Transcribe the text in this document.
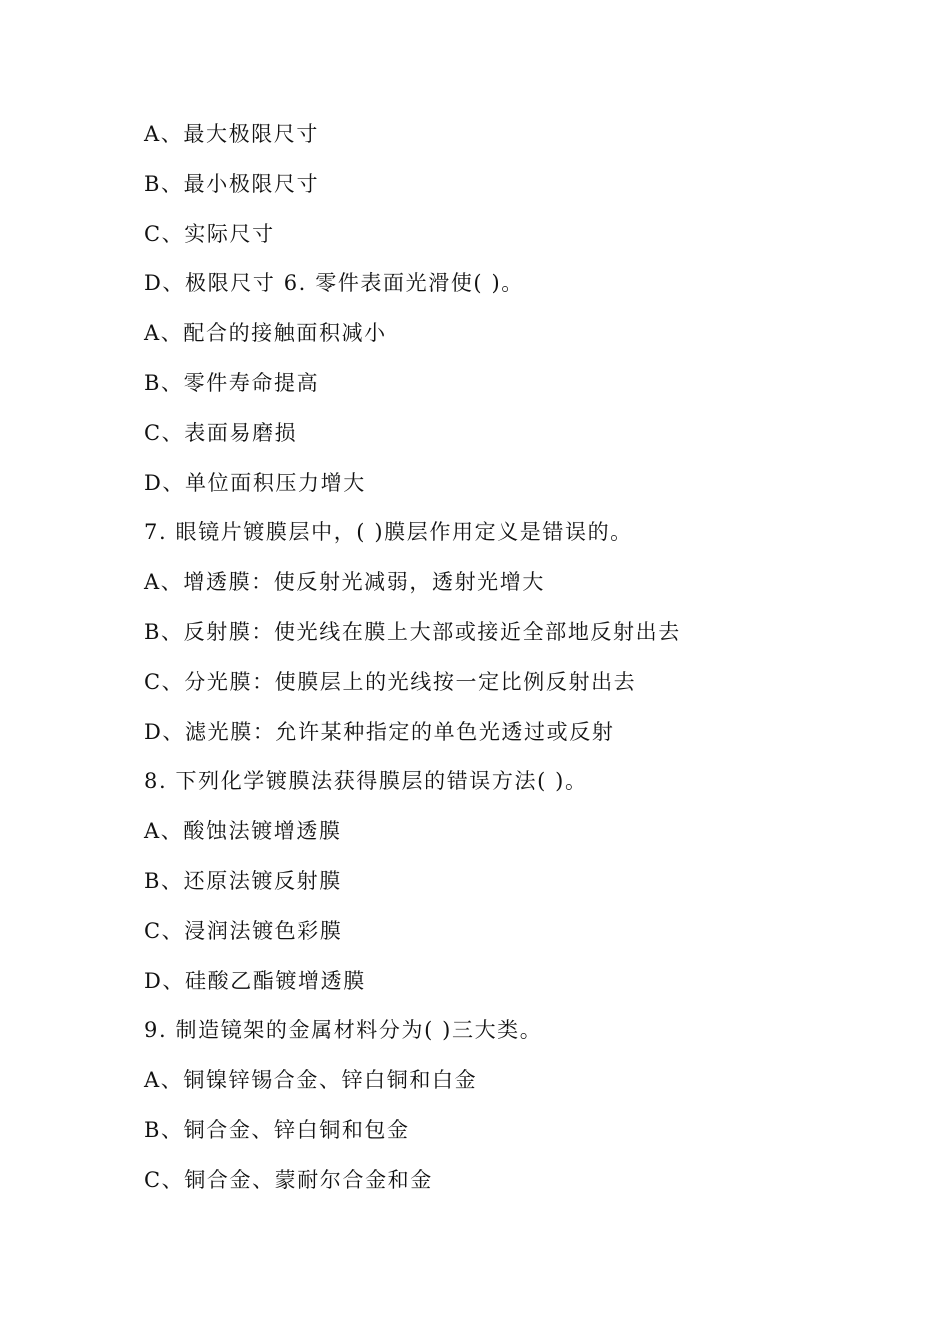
A、最大极限尺寸
B、最小极限尺寸
C、实际尺寸
D、极限尺寸 6. 零件表面光滑使( )。
A、配合的接触面积减小
B、零件寿命提高
C、表面易磨损
D、单位面积压力增大
7. 眼镜片镀膜层中，( )膜层作用定义是错误的。
A、增透膜：使反射光减弱，透射光增大
B、反射膜：使光线在膜上大部或接近全部地反射出去
C、分光膜：使膜层上的光线按一定比例反射出去
D、滤光膜：允许某种指定的单色光透过或反射
8. 下列化学镀膜法获得膜层的错误方法( )。
A、酸蚀法镀增透膜
B、还原法镀反射膜
C、浸润法镀色彩膜
D、硅酸乙酯镀增透膜
9. 制造镜架的金属材料分为( )三大类。
A、铜镍锌锡合金、锌白铜和白金
B、铜合金、锌白铜和包金
C、铜合金、蒙耐尔合金和金
